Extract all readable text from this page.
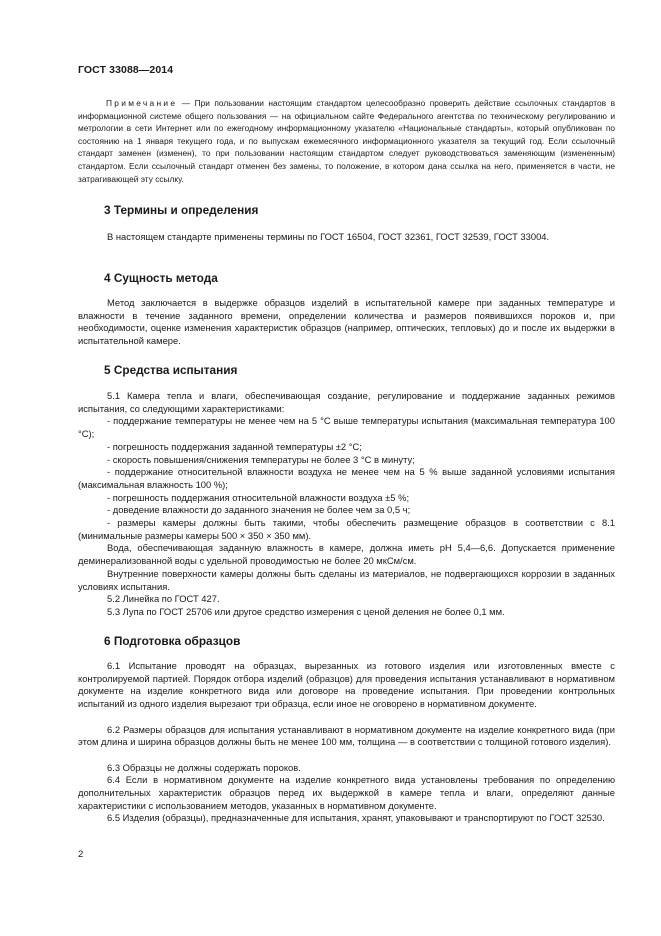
ГОСТ 33088—2014

Примечание — При пользовании настоящим стандартом целесообразно проверить действие ссылочных стандартов в информационной системе общего пользования — на официальном сайте Федерального агентства по техническому регулированию и метрологии в сети Интернет или по ежегодному информационному указателю «Национальные стандарты», который опубликован по состоянию на 1 января текущего года, и по выпускам ежемесячного информационного указателя за текущий год. Если ссылочный стандарт заменен (изменен), то при пользовании настоящим стандартом следует руководствоваться заменяющим (измененным) стандартом. Если ссылочный стандарт отменен без замены, то положение, в котором дана ссылка на него, применяется в части, не затрагивающей эту ссылку.

3 Термины и определения

В настоящем стандарте применены термины по ГОСТ 16504, ГОСТ 32361, ГОСТ 32539, ГОСТ 33004.

4 Сущность метода

Метод заключается в выдержке образцов изделий в испытательной камере при заданных температуре и влажности в течение заданного времени, определении количества и размеров появившихся пороков и, при необходимости, оценке изменения характеристик образцов (например, оптических, тепловых) до и после их выдержки в испытательной камере.

5 Средства испытания

5.1 Камера тепла и влаги, обеспечивающая создание, регулирование и поддержание заданных режимов испытания, со следующими характеристиками:

- поддержание температуры не менее чем на 5 °С выше температуры испытания (максимальная температура 100 °С);

- погрешность поддержания заданной температуры ±2 °С;

- скорость повышения/снижения температуры не более 3 °С в минуту;

- поддержание относительной влажности воздуха не менее чем на 5 % выше заданной условиями испытания (максимальная влажность 100 %);

- погрешность поддержания относительной влажности воздуха ±5 %;

- доведение влажности до заданного значения не более чем за 0,5 ч;

- размеры камеры должны быть такими, чтобы обеспечить размещение образцов в соответствии с 8.1 (минимальные размеры камеры 500 × 350 × 350 мм).

Вода, обеспечивающая заданную влажность в камере, должна иметь pH 5,4—6,6. Допускается применение деминерализованной воды с удельной проводимостью не более 20 мкСм/см.

Внутренние поверхности камеры должны быть сделаны из материалов, не подвергающихся коррозии в заданных условиях испытания.

5.2 Линейка по ГОСТ 427.

5.3 Лупа по ГОСТ 25706 или другое средство измерения с ценой деления не более 0,1 мм.

6 Подготовка образцов

6.1 Испытание проводят на образцах, вырезанных из готового изделия или изготовленных вместе с контролируемой партией. Порядок отбора изделий (образцов) для проведения испытания устанавливают в нормативном документе на изделие конкретного вида или договоре на проведение испытания. При проведении контрольных испытаний из одного изделия вырезают три образца, если иное не оговорено в нормативном документе.

6.2 Размеры образцов для испытания устанавливают в нормативном документе на изделие конкретного вида (при этом длина и ширина образцов должны быть не менее 100 мм, толщина — в соответствии с толщиной готового изделия).

6.3 Образцы не должны содержать пороков.

6.4 Если в нормативном документе на изделие конкретного вида установлены требования по определению дополнительных характеристик образцов перед их выдержкой в камере тепла и влаги, определяют данные характеристики с использованием методов, указанных в нормативном документе.

6.5 Изделия (образцы), предназначенные для испытания, хранят, упаковывают и транспортируют по ГОСТ 32530.

2
